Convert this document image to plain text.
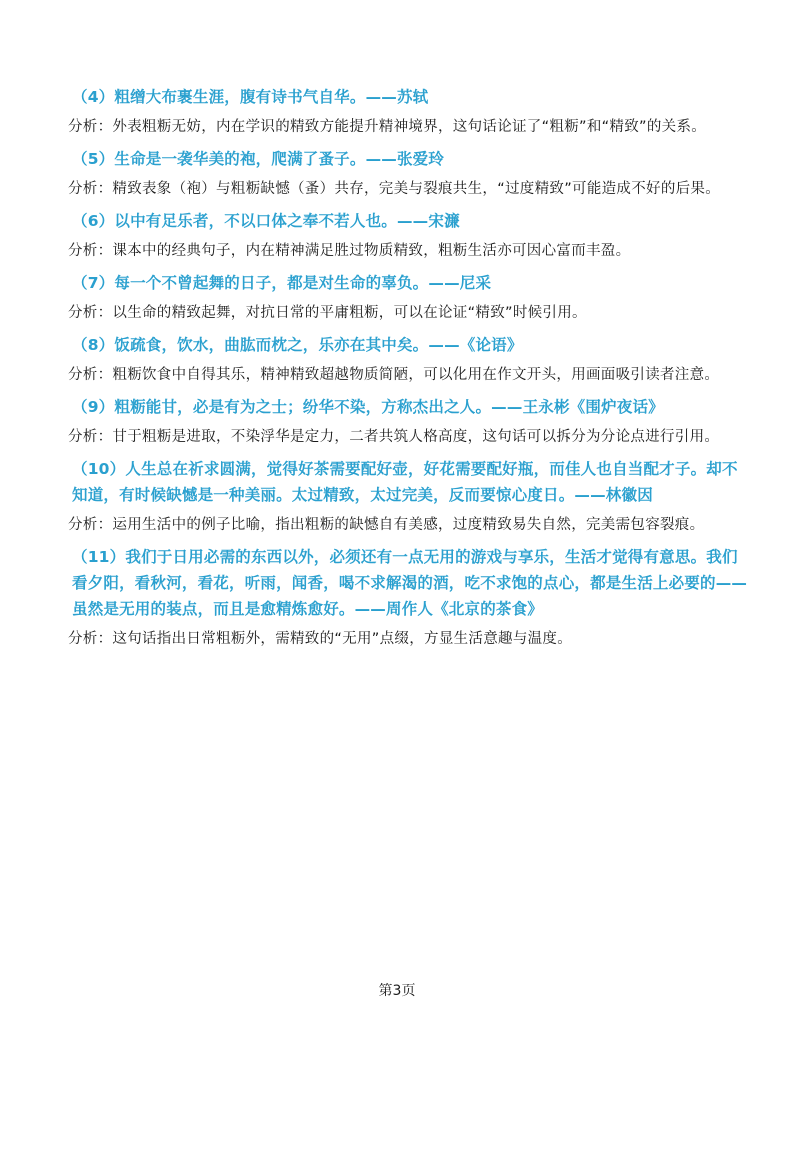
（4）粗缯大布裹生涯，腹有诗书气自华。——苏轼

分析：外表粗粝无妨，内在学识的精致方能提升精神境界，这句话论证了“粗粝”和“精致”的关系。

（5）生命是一袭华美的袍，爬满了蚤子。——张爱玲

分析：精致表象（袍）与粗粝缺憾（蚤）共存，完美与裂痕共生，“过度精致”可能造成不好的后果。

（6）以中有足乐者，不以口体之奉不若人也。——宋濂

分析：课本中的经典句子，内在精神满足胜过物质精致，粗粝生活亦可因心富而丰盈。

（7）每一个不曾起舞的日子，都是对生命的辜负。——尼采

分析：以生命的精致起舞，对抗日常的平庸粗粝，可以在论证“精致”时候引用。

（8）饭疏食，饮水，曲肱而枕之，乐亦在其中矣。——《论语》

分析：粗粝饮食中自得其乐，精神精致超越物质简陋，可以化用在作文开头，用画面吸引读者注意。

（9）粗粝能甘，必是有为之士；纷华不染，方称杰出之人。——王永彬《围炉夜话》

分析：甘于粗粝是进取，不染浮华是定力，二者共筑人格高度，这句话可以拆分为分论点进行引用。

（10）人生总在祈求圆满，觉得好茶需要配好壶，好花需要配好瓶，而佳人也自当配才子。却不知道，有时候缺憾是一种美丽。太过精致，太过完美，反而要惊心度日。——林徽因

分析：运用生活中的例子比喻，指出粗粝的缺憾自有美感，过度精致易失自然，完美需包容裂痕。

（11）我们于日用必需的东西以外，必须还有一点无用的游戏与享乐，生活才觉得有意思。我们看夕阳，看秋河，看花，听雨，闻香，喝不求解渴的酒，吃不求饱的点心，都是生活上必要的——虽然是无用的装点，而且是愈精炼愈好。——周作人《北京的茶食》

分析：这句话指出日常粗粝外，需精致的“无用”点缀，方显生活意趣与温度。

第3页
